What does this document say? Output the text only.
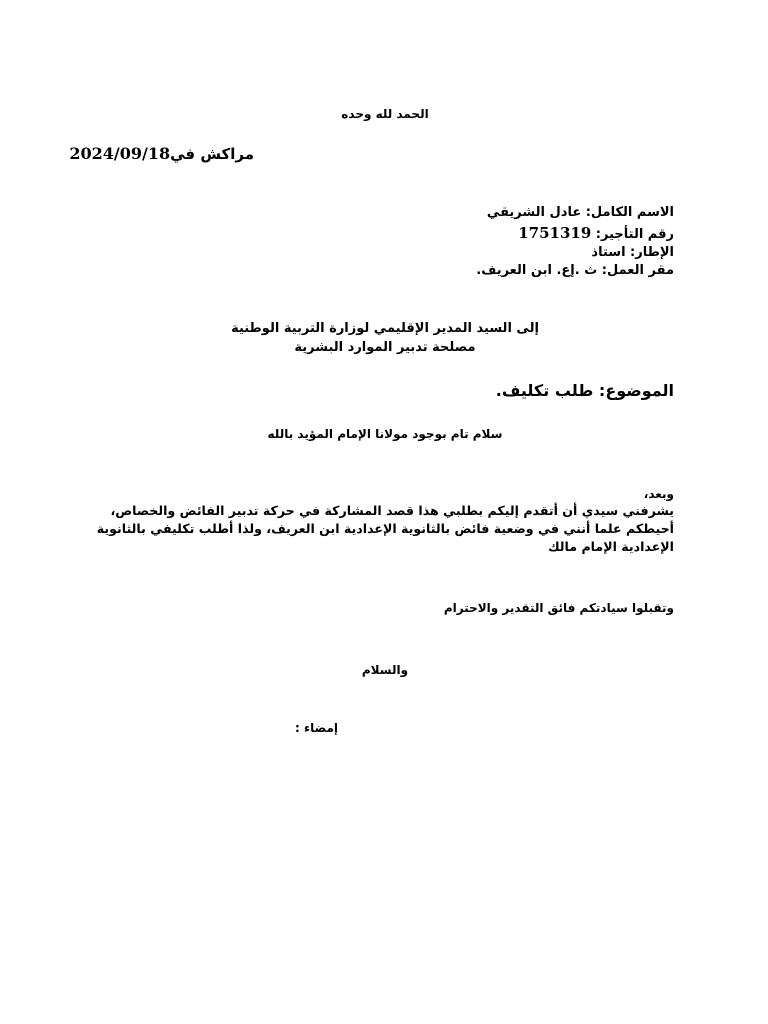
الحمد لله وحده
مراكش في2024/09/18
الاسم الكامل: عادل الشريقي
رقم التأجير: 1751319
الإطار: استاذ
مقر العمل: ث .إع. ابن العريف.
إلى السيد المدير الإقليمي لوزارة التربية الوطنية
مصلحة تدبير الموارد البشرية
الموضوع: طلب تكليف.
سلام تام بوجود مولانا الإمام المؤيد بالله
وبعد،
يشرفني سيدي أن أتقدم إليكم بطلبي هذا قصد المشاركة في حركة تدبير الفائض والخصاص، أحيطكم علما أنني في وضعية فائض بالثانوية الإعدادية ابن العريف، ولذا أطلب تكليفي بالثانوية الإعدادية الإمام مالك
وتقبلوا سيادتكم فائق التقدير والاحترام
والسلام
إمضاء :
